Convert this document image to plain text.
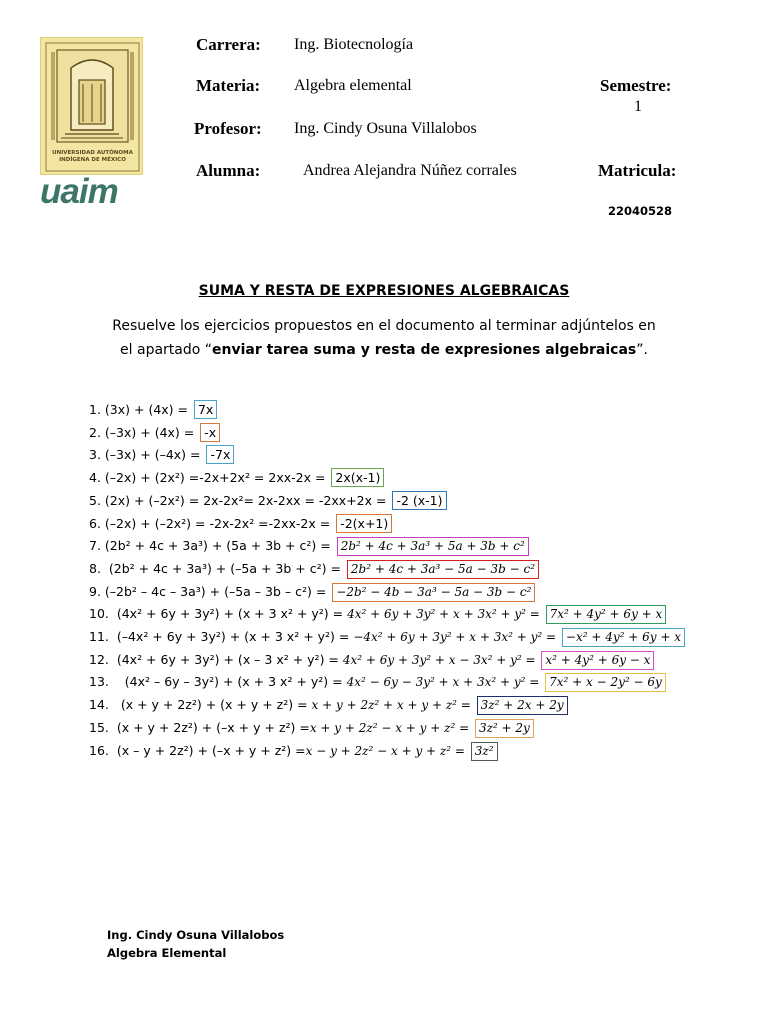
UNIVERSIDAD AUTÓNOMA INDÍGENA DE MÉXICO
uaim
Carrera: Ing. Biotecnología
Materia: Algebra elemental	Semestre:
1
Profesor: Ing. Cindy Osuna Villalobos
Alumna:	Andrea Alejandra Núñez corrales	Matricula:
22040528
SUMA Y RESTA DE EXPRESIONES ALGEBRAICAS
Resuelve los ejercicios propuestos en el documento al terminar adjúntelos en
el apartado “enviar tarea suma y resta de expresiones algebraicas”.
1. (3x) + (4x) = 7x
2. (–3x) + (4x) = -x
3. (–3x) + (–4x) = -7x
4. (–2x) + (2x²) =-2x+2x² = 2xx-2x = 2x(x-1)
5. (2x) + (–2x²) = 2x-2x²= 2x-2xx = -2xx+2x = -2 (x-1)
6. (–2x) + (–2x²) = -2x-2x² =-2xx-2x = -2(x+1)
7. (2b² + 4c + 3a³) + (5a + 3b + c²) = 2b² + 4c + 3a³ + 5a + 3b + c²
8.  (2b² + 4c + 3a³) + (–5a + 3b + c²) = 2b² + 4c + 3a³ − 5a − 3b − c²
9. (–2b² – 4c – 3a³) + (–5a – 3b – c²) = −2b² − 4b − 3a³ − 5a − 3b − c²
10.  (4x² + 6y + 3y²) + (x + 3 x² + y²) = 4x² + 6y + 3y² + x + 3x² + y² = 7x² + 4y² + 6y + x
11.  (–4x² + 6y + 3y²) + (x + 3 x² + y²) = −4x² + 6y + 3y² + x + 3x² + y² = −x² + 4y² + 6y + x
12.  (4x² + 6y + 3y²) + (x – 3 x² + y²) = 4x² + 6y + 3y² + x − 3x² + y² = x² + 4y² + 6y − x
13.    (4x² – 6y – 3y²) + (x + 3 x² + y²) = 4x² − 6y − 3y² + x + 3x² + y² = 7x² + x − 2y² − 6y
14.   (x + y + 2z²) + (x + y + z²) = x + y + 2z² + x + y + z² = 3z² + 2x + 2y
15.  (x + y + 2z²) + (–x + y + z²) =x + y + 2z² − x + y + z² = 3z² + 2y
16.  (x – y + 2z²) + (–x + y + z²) =x − y + 2z² − x + y + z² = 3z²
Ing. Cindy Osuna Villalobos
Algebra Elemental
